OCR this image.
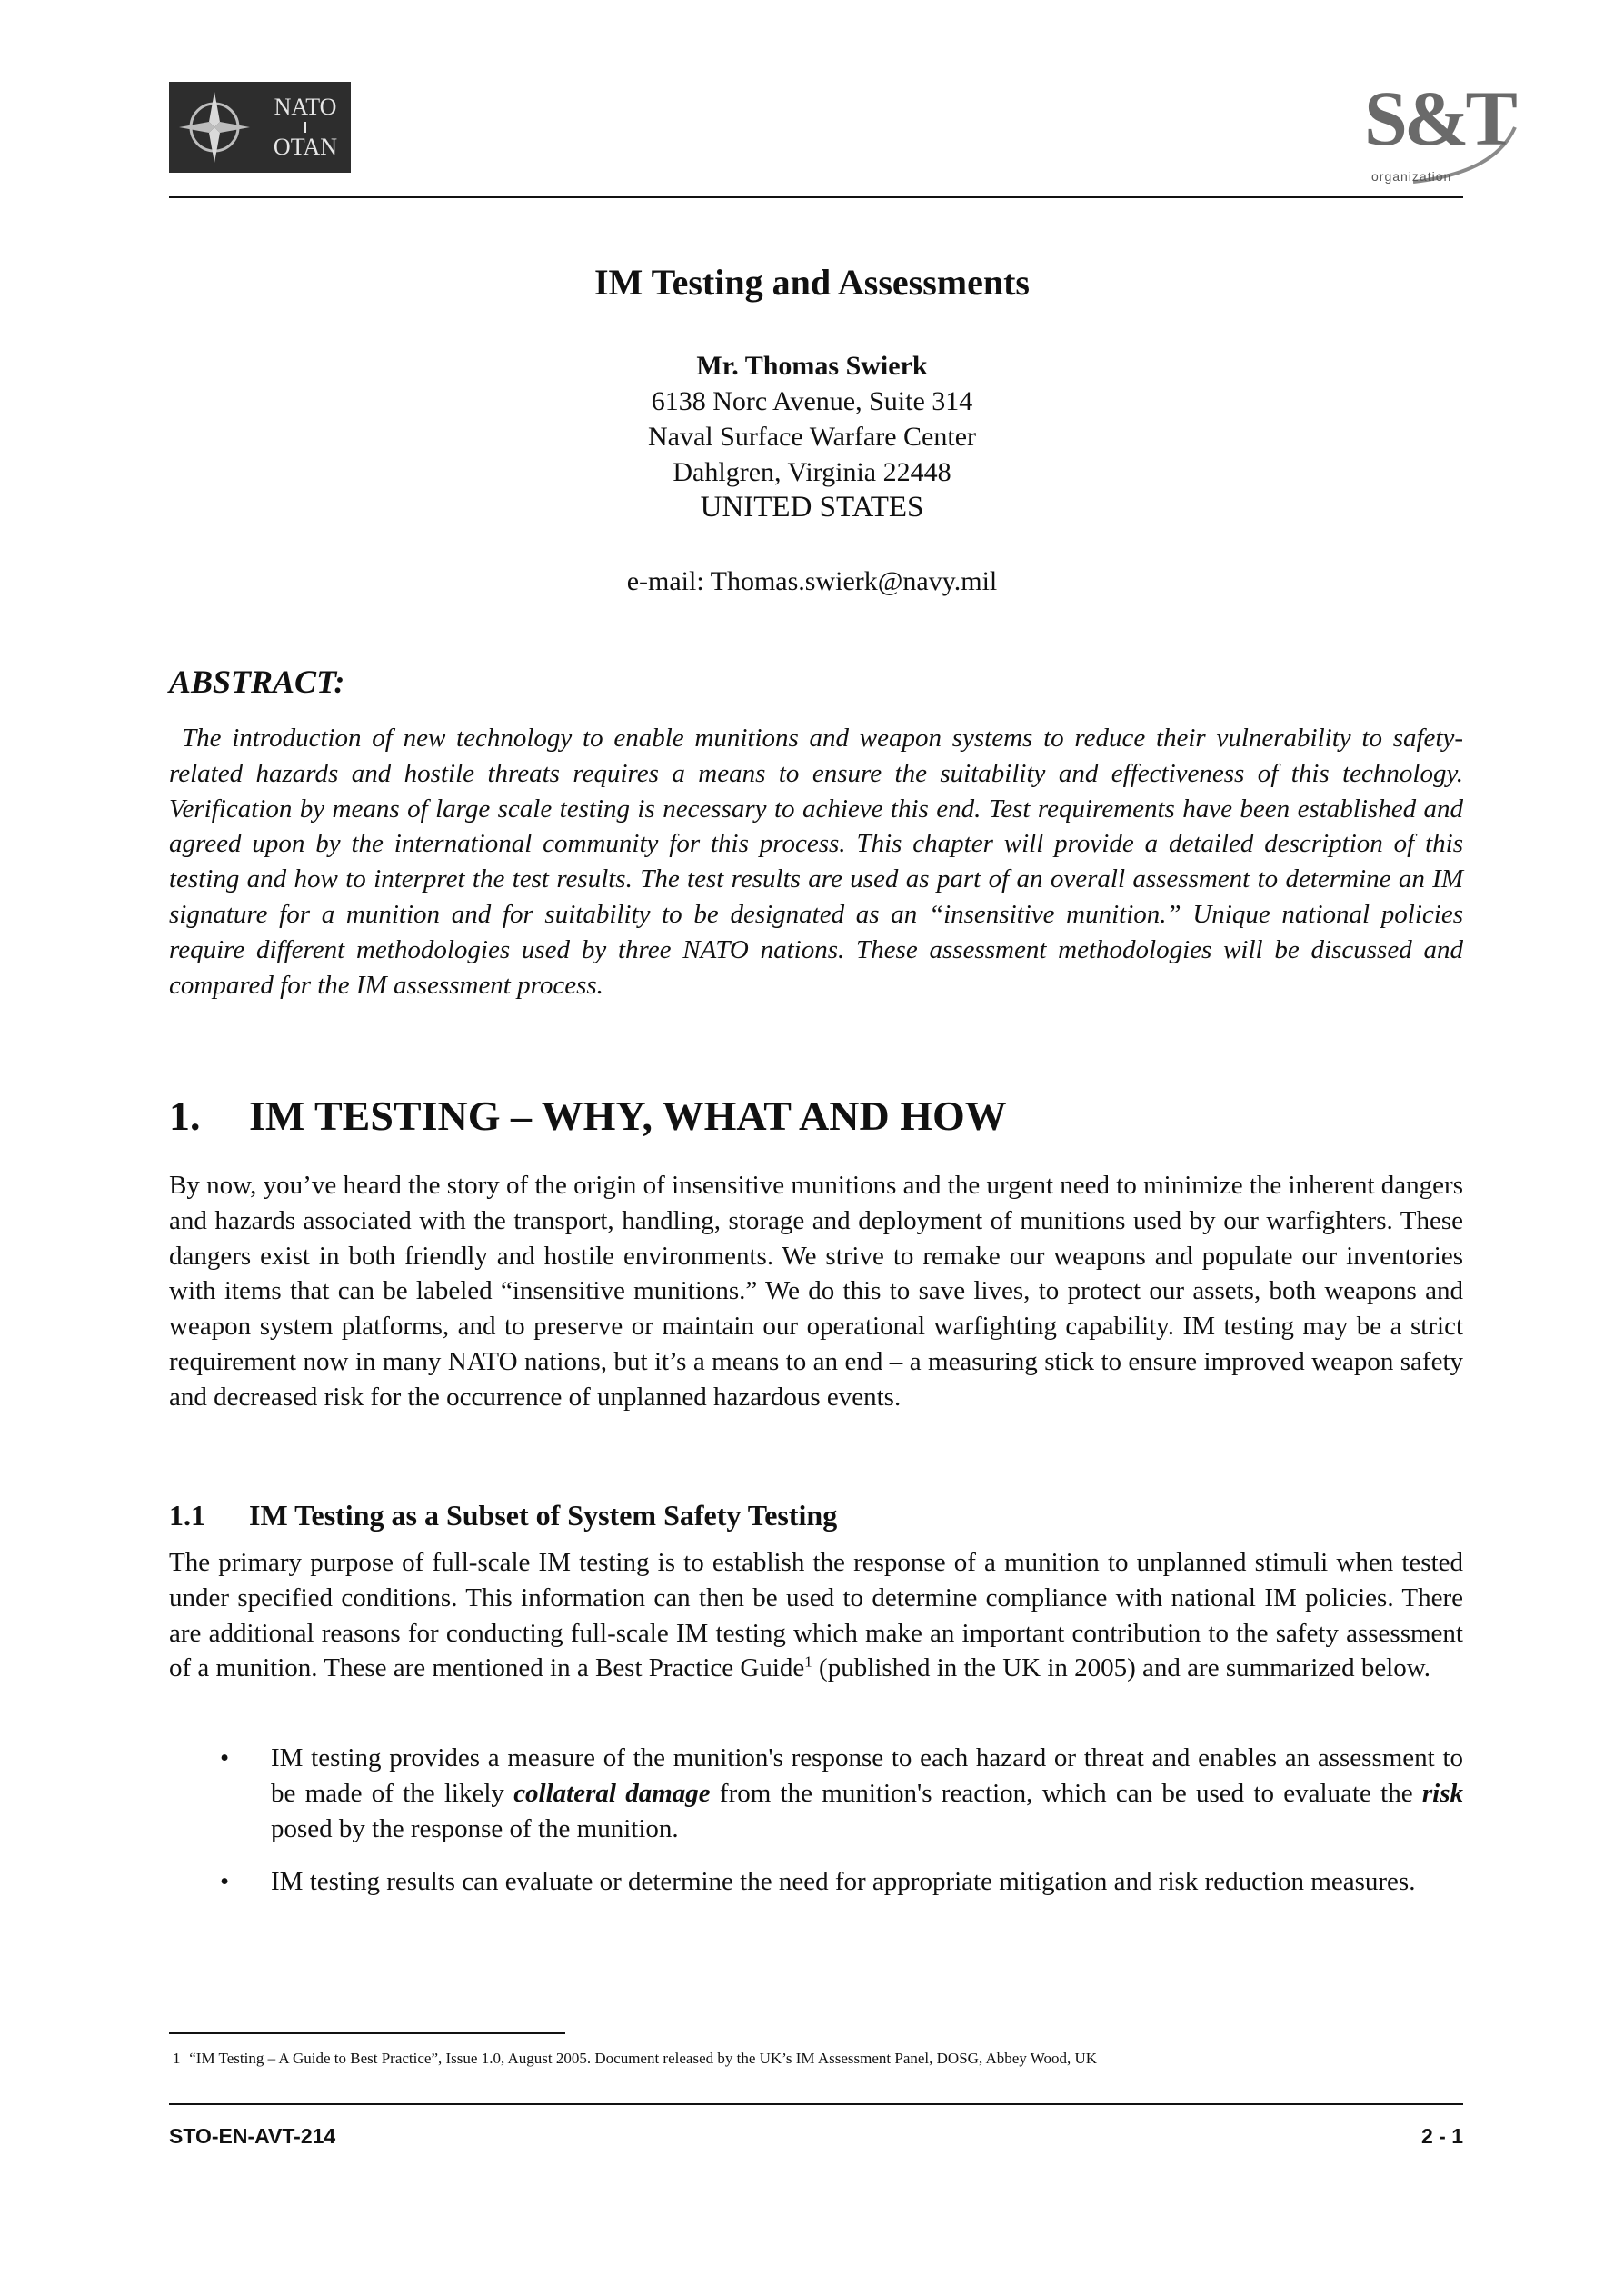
NATO
OTAN	S&T
organization
IM Testing and Assessments
Mr. Thomas Swierk
6138 Norc Avenue, Suite 314
Naval Surface Warfare Center
Dahlgren, Virginia 22448
UNITED STATES
e-mail: Thomas.swierk@navy.mil
ABSTRACT:

The introduction of new technology to enable munitions and weapon systems to reduce their vulnerability to safety-related hazards and hostile threats requires a means to ensure the suitability and effectiveness of this technology. Verification by means of large scale testing is necessary to achieve this end. Test requirements have been established and agreed upon by the international community for this process. This chapter will provide a detailed description of this testing and how to interpret the test results. The test results are used as part of an overall assessment to determine an IM signature for a munition and for suitability to be designated as an “insensitive munition.” Unique national policies require different methodologies used by three NATO nations. These assessment methodologies will be discussed and compared for the IM assessment process.

1. IM TESTING – WHY, WHAT AND HOW

By now, you’ve heard the story of the origin of insensitive munitions and the urgent need to minimize the inherent dangers and hazards associated with the transport, handling, storage and deployment of munitions used by our warfighters. These dangers exist in both friendly and hostile environments. We strive to remake our weapons and populate our inventories with items that can be labeled “insensitive munitions.” We do this to save lives, to protect our assets, both weapons and weapon system platforms, and to preserve or maintain our operational warfighting capability. IM testing may be a strict requirement now in many NATO nations, but it’s a means to an end – a measuring stick to ensure improved weapon safety and decreased risk for the occurrence of unplanned hazardous events.

1.1 IM Testing as a Subset of System Safety Testing

The primary purpose of full-scale IM testing is to establish the response of a munition to unplanned stimuli when tested under specified conditions. This information can then be used to determine compliance with national IM policies. There are additional reasons for conducting full-scale IM testing which make an important contribution to the safety assessment of a munition. These are mentioned in a Best Practice Guide$^1$ (published in the UK in 2005) and are summarized below.

• IM testing provides a measure of the munition's response to each hazard or threat and enables an assessment to be made of the likely collateral damage from the munition's reaction, which can be used to evaluate the risk posed by the response of the munition.
• IM testing results can evaluate or determine the need for appropriate mitigation and risk reduction measures.
1 “IM Testing – A Guide to Best Practice”, Issue 1.0, August 2005. Document released by the UK’s IM Assessment Panel, DOSG, Abbey Wood, UK
STO-EN-AVT-214	2 - 1
